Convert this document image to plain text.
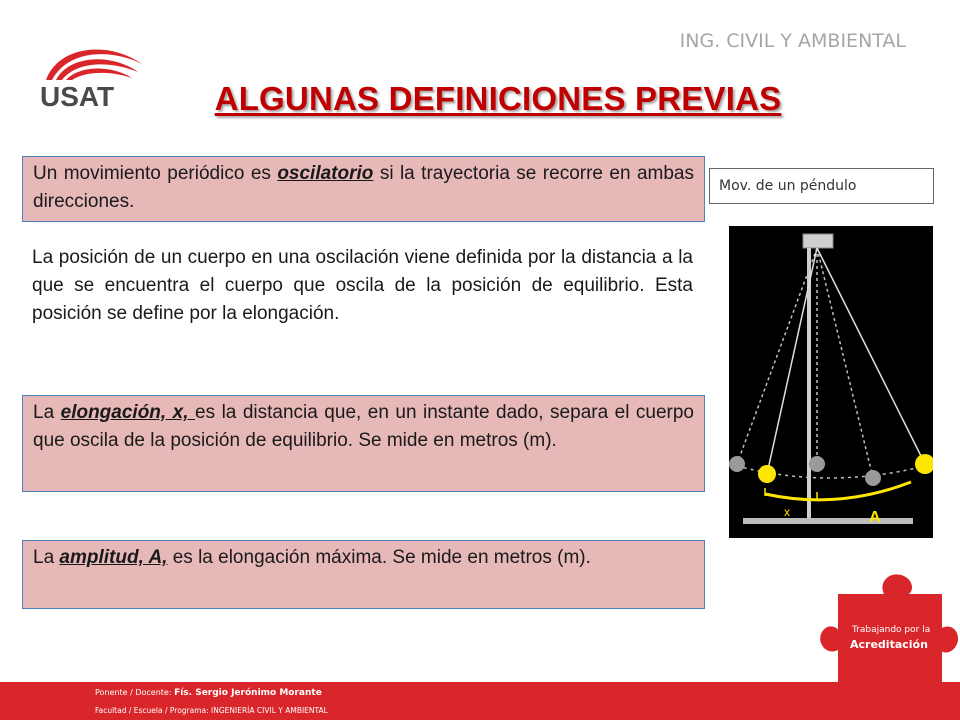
USAT
ING. CIVIL Y AMBIENTAL
ALGUNAS DEFINICIONES PREVIAS
Un movimiento periódico es oscilatorio si la trayectoria se recorre en ambas direcciones.
La posición de un cuerpo en una oscilación viene definida por la distancia a la que se encuentra el cuerpo que oscila de la posición de equilibrio. Esta posición se define por la elongación.
La elongación, x, es la distancia que, en un instante dado, separa el cuerpo que oscila de la posición de equilibrio. Se mide en metros (m).
La amplitud, A, es la elongación máxima. Se mide en metros (m).
Mov. de un péndulo
x	A
Trabajando por la
Acreditación
Ponente / Docente: Fís. Sergio Jerónimo Morante
Facultad / Escuela / Programa: INGENIERÍA CIVIL Y AMBIENTAL
